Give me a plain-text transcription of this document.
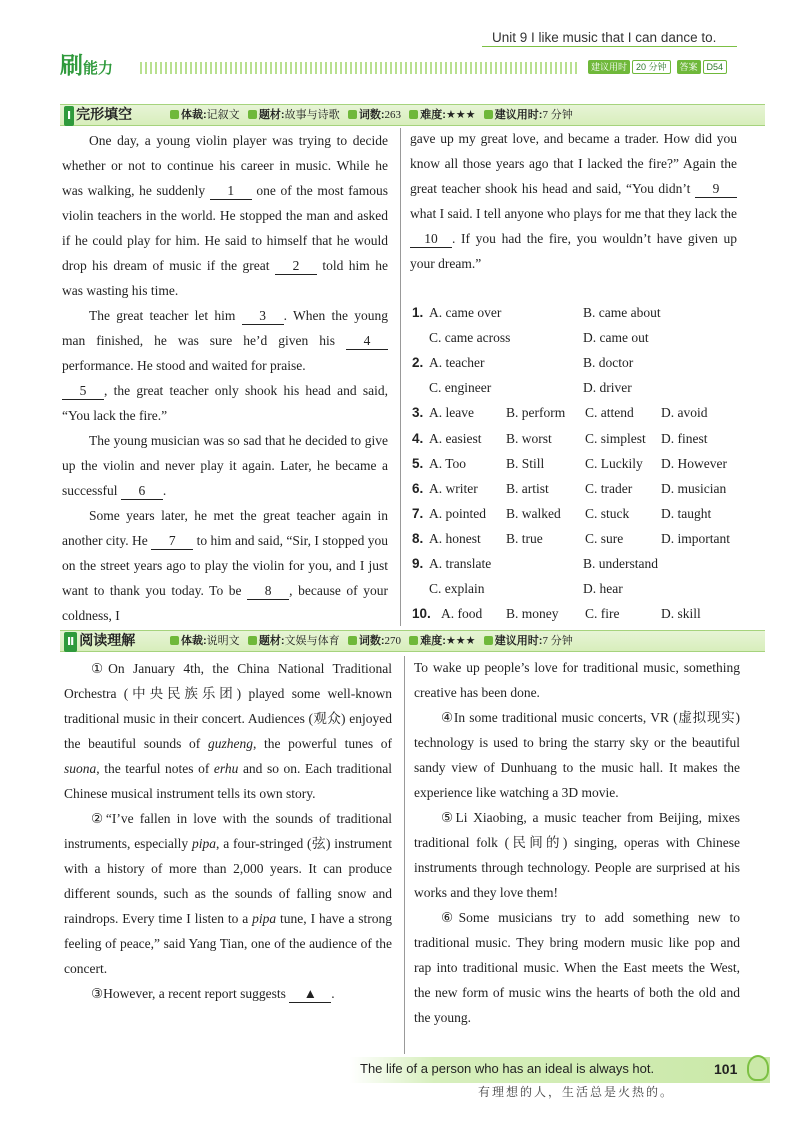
Unit 9 I like music that I can dance to.
刷能力	建议用时 20 分钟 答案 D54
Ⅰ 完形填空	体裁:记叙文 题材:故事与诗歌 词数:263 难度:★★★ 建议用时:7 分钟

One day, a young violin player was trying to decide whether or not to continue his career in music. While he was walking, he suddenly 1 one of the most famous violin teachers in the world. He stopped the man and asked if he could play for him. He said to himself that he would drop his dream of music if the great 2 told him he was wasting his time.

The great teacher let him 3 . When the young man finished, he was sure he’d given his 4 performance. He stood and waited for praise.

5 , the great teacher only shook his head and said, “You lack the fire.”

The young musician was so sad that he decided to give up the violin and never play it again. Later, he became a successful 6 .

Some years later, he met the great teacher again in another city. He 7 to him and said, “Sir, I stopped you on the street years ago to play the violin for you, and I just want to thank you today. To be 8 , because of your coldness, I

gave up my great love, and became a trader. How did you know all those years ago that I lacked the fire?” Again the great teacher shook his head and said, “You didn’t 9 what I said. I tell anyone who plays for me that they lack the 10 . If you had the fire, you wouldn’t have given up your dream.”

1. A. came over	B. came about
C. came across	D. came out
2. A. teacher	B. doctor
C. engineer	D. driver
3. A. leave B. perform C. attend D. avoid
4. A. easiest B. worst C. simplest D. finest
5. A. Too	B. Still	C. Luckily D. However
6. A. writer B. artist	C. trader D. musician
7. A. pointed B. walked C. stuck D. taught
8. A. honest B. true	C. sure	D. important
9. A. translate	B. understand
C. explain	D. hear
10. A. food B. money C. fire	D. skill
Ⅱ 阅读理解	体裁:说明文 题材:文娱与体育 词数:270 难度:★★★ 建议用时:7 分钟

①On January 4th, the China National Traditional Orchestra (中央民族乐团) played some well-known traditional music in their concert. Audiences (观众) enjoyed the beautiful sounds of guzheng, the powerful tunes of suona, the tearful notes of erhu and so on. Each traditional Chinese musical instrument tells its own story.

②“I’ve fallen in love with the sounds of traditional instruments, especially pipa, a four-stringed (弦) instrument with a history of more than 2,000 years. It can produce different sounds, such as the sounds of falling snow and raindrops. Every time I listen to a pipa tune, I have a strong feeling of peace,” said Yang Tian, one of the audience of the concert.

③However, a recent report suggests ▲ .

To wake up people’s love for traditional music, something creative has been done.

④In some traditional music concerts, VR (虚拟现实) technology is used to bring the starry sky or the beautiful sandy view of Dunhuang to the music hall. It makes the experience like watching a 3D movie.

⑤Li Xiaobing, a music teacher from Beijing, mixes traditional folk (民间的) singing, operas with Chinese instruments through technology. People are surprised at his works and they love them!

⑥Some musicians try to add something new to traditional music. They bring modern music like pop and rap into traditional music. When the East meets the West, the new form of music wins the hearts of both the old and the young.

The life of a person who has an ideal is always hot.
有理想的人，生活总是火热的。
101
